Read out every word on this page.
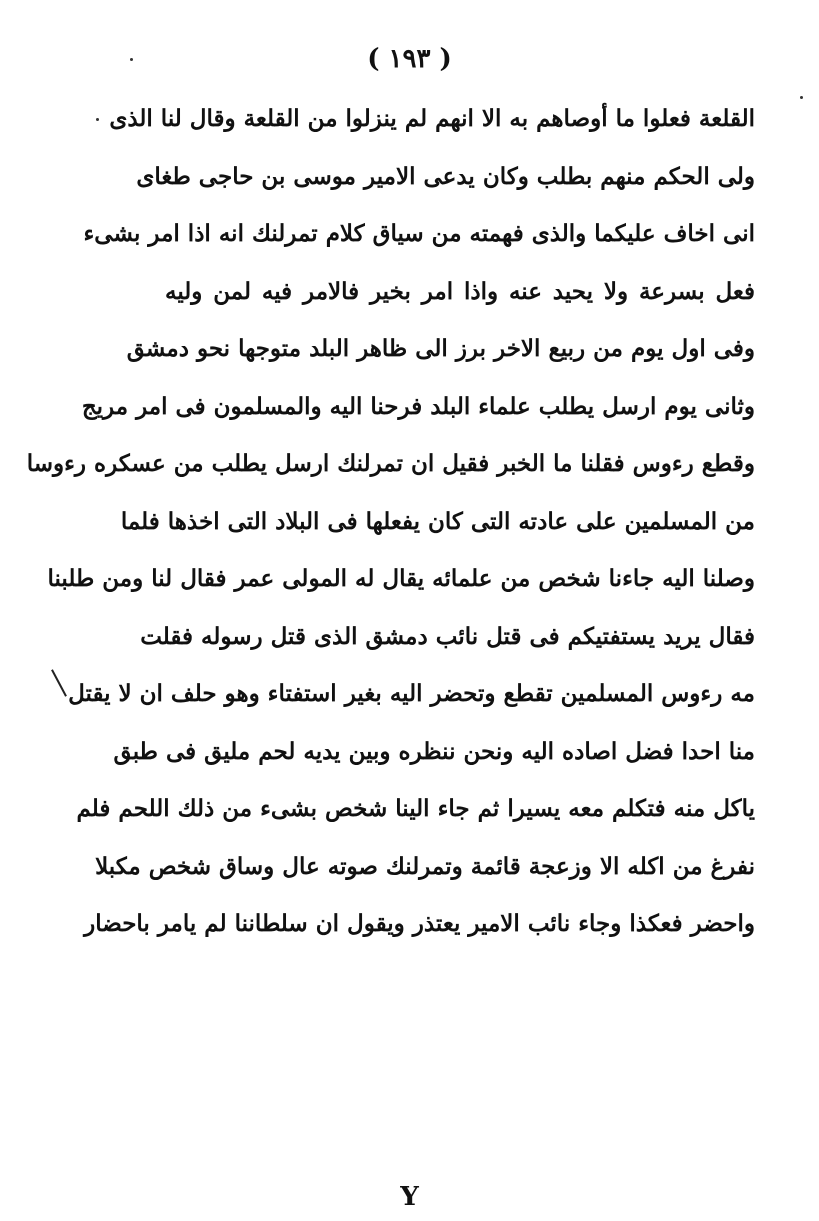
( ١٩٣ )
القلعة فعلوا ما أوصاهم به الا انهم لم ينزلوا من القلعة وقال لنا الذى
ولى الحكم منهم بطلب وكان يدعى الامير موسى بن حاجى طغاى
انى اخاف عليكما والذى فهمته من سياق كلام تمرلنك انه اذا امر بشىء
فعل بسرعة ولا يحيد عنه واذا امر بخير فالامر فيه لمن وليه
وفى اول يوم من ربيع الاخر برز الى ظاهر البلد متوجها نحو دمشق
وثانى يوم ارسل يطلب علماء البلد فرحنا اليه والمسلمون فى امر مريج
وقطع رءوس فقلنا ما الخبر فقيل ان تمرلنك ارسل يطلب من عسكره رءوسا
من المسلمين على عادته التى كان يفعلها فى البلاد التى اخذها فلما
وصلنا اليه جاءنا شخص من علمائه يقال له المولى عمر فقال لنا ومن طلبنا
فقال يريد يستفتيكم فى قتل نائب دمشق الذى قتل رسوله فقلت
مه رءوس المسلمين تقطع وتحضر اليه بغير استفتاء وهو حلف ان لا يقتل
منا احدا فضل اصاده اليه ونحن ننظره وبين يديه لحم مليق فى طبق
ياكل منه فتكلم معه يسيرا ثم جاء الينا شخص بشىء من ذلك اللحم فلم
نفرغ من اكله الا وزعجة قائمة وتمرلنك صوته عال وساق شخص مكبلا
واحضر فعكذا وجاء نائب الامير يعتذر ويقول ان سلطاننا لم يامر باحضار
Y
